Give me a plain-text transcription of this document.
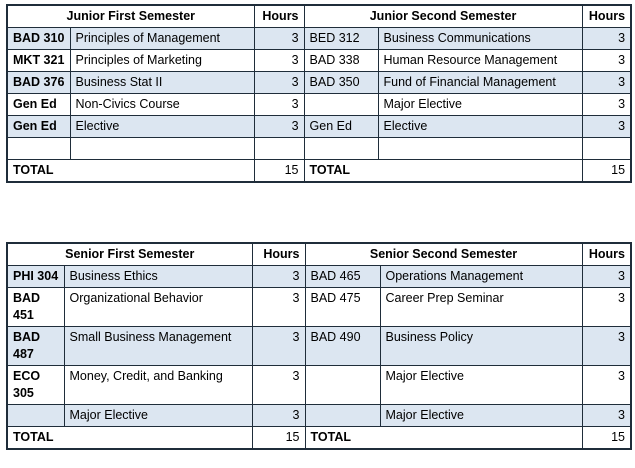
Junior First Semester		Hours	Junior Second Semester		Hours
BAD 310	Principles of Management	3	BED 312	Business Communications	3
MKT 321	Principles of Marketing	3	BAD 338	Human Resource Management	3
BAD 376	Business Stat II	3	BAD 350	Fund of Financial Management	3
Gen Ed	Non-Civics Course	3		Major Elective	3
Gen Ed	Elective	3	Gen Ed	Elective	3

TOTAL		15	TOTAL		15
Senior First Semester		Hours	Senior Second Semester		Hours
PHI 304	Business Ethics	3	BAD 465	Operations Management	3
BAD 451	Organizational Behavior	3	BAD 475	Career Prep Seminar	3
BAD 487	Small Business Management	3	BAD 490	Business Policy	3
ECO 305	Money, Credit, and Banking	3		Major Elective	3
	Major Elective	3		Major Elective	3
TOTAL		15	TOTAL		15
